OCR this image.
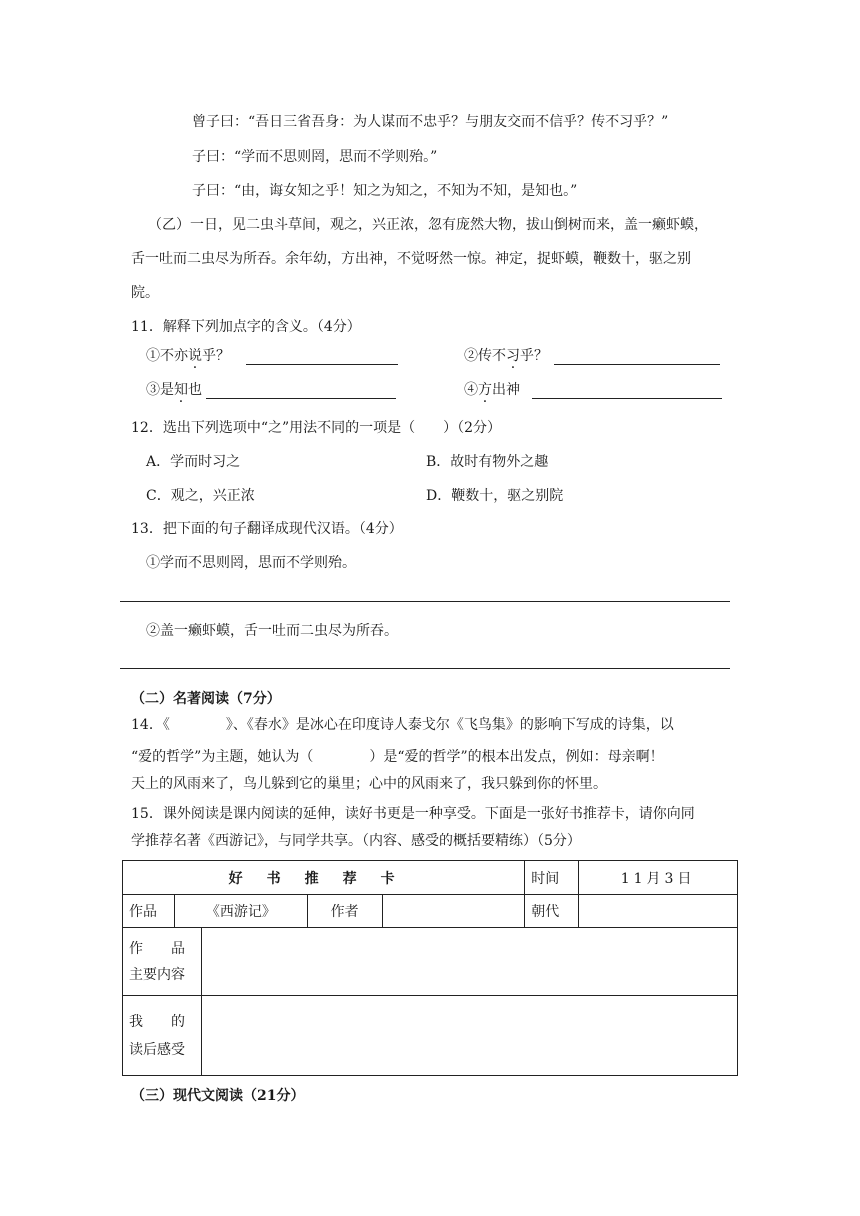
曾子曰：“吾日三省吾身：为人谋而不忠乎？与朋友交而不信乎？传不习乎？”
子曰：“学而不思则罔，思而不学则殆。”
子曰：“由，诲女知之乎！知之为知之，不知为不知，是知也。”
（乙）一日，见二虫斗草间，观之，兴正浓，忽有庞然大物，拔山倒树而来，盖一癞虾蟆，
舌一吐而二虫尽为所吞。余年幼，方出神，不觉呀然一惊。神定，捉虾蟆，鞭数十，驱之别
院。
11．解释下列加点字的含义。（4分）
①不亦说乎？	②传不习乎？
③是知也	④方出神
12．选出下列选项中“之”用法不同的一项是（　　）（2分）
A．学而时习之	B．故时有物外之趣
C．观之，兴正浓	D．鞭数十，驱之别院
13．把下面的句子翻译成现代汉语。（4分）
①学而不思则罔，思而不学则殆。
②盖一癞虾蟆，舌一吐而二虫尽为所吞。
（二）名著阅读（7分）
14．《　　　　》、《春水》是冰心在印度诗人泰戈尔《飞鸟集》的影响下写成的诗集，以
“爱的哲学”为主题，她认为（　　　　）是“爱的哲学”的根本出发点，例如：母亲啊！
天上的风雨来了，鸟儿躲到它的巢里；心中的风雨来了，我只躲到你的怀里。
15．课外阅读是课内阅读的延伸，读好书更是一种享受。下面是一张好书推荐卡，请你向同
学推荐名著《西游记》，与同学共享。（内容、感受的概括要精练）（5分）
好书推荐卡					时间	11月3日
作品	《西游记》		作者		朝代	

作　　品
主要内容						

我　　的
读后感受						

（三）现代文阅读（21分）
